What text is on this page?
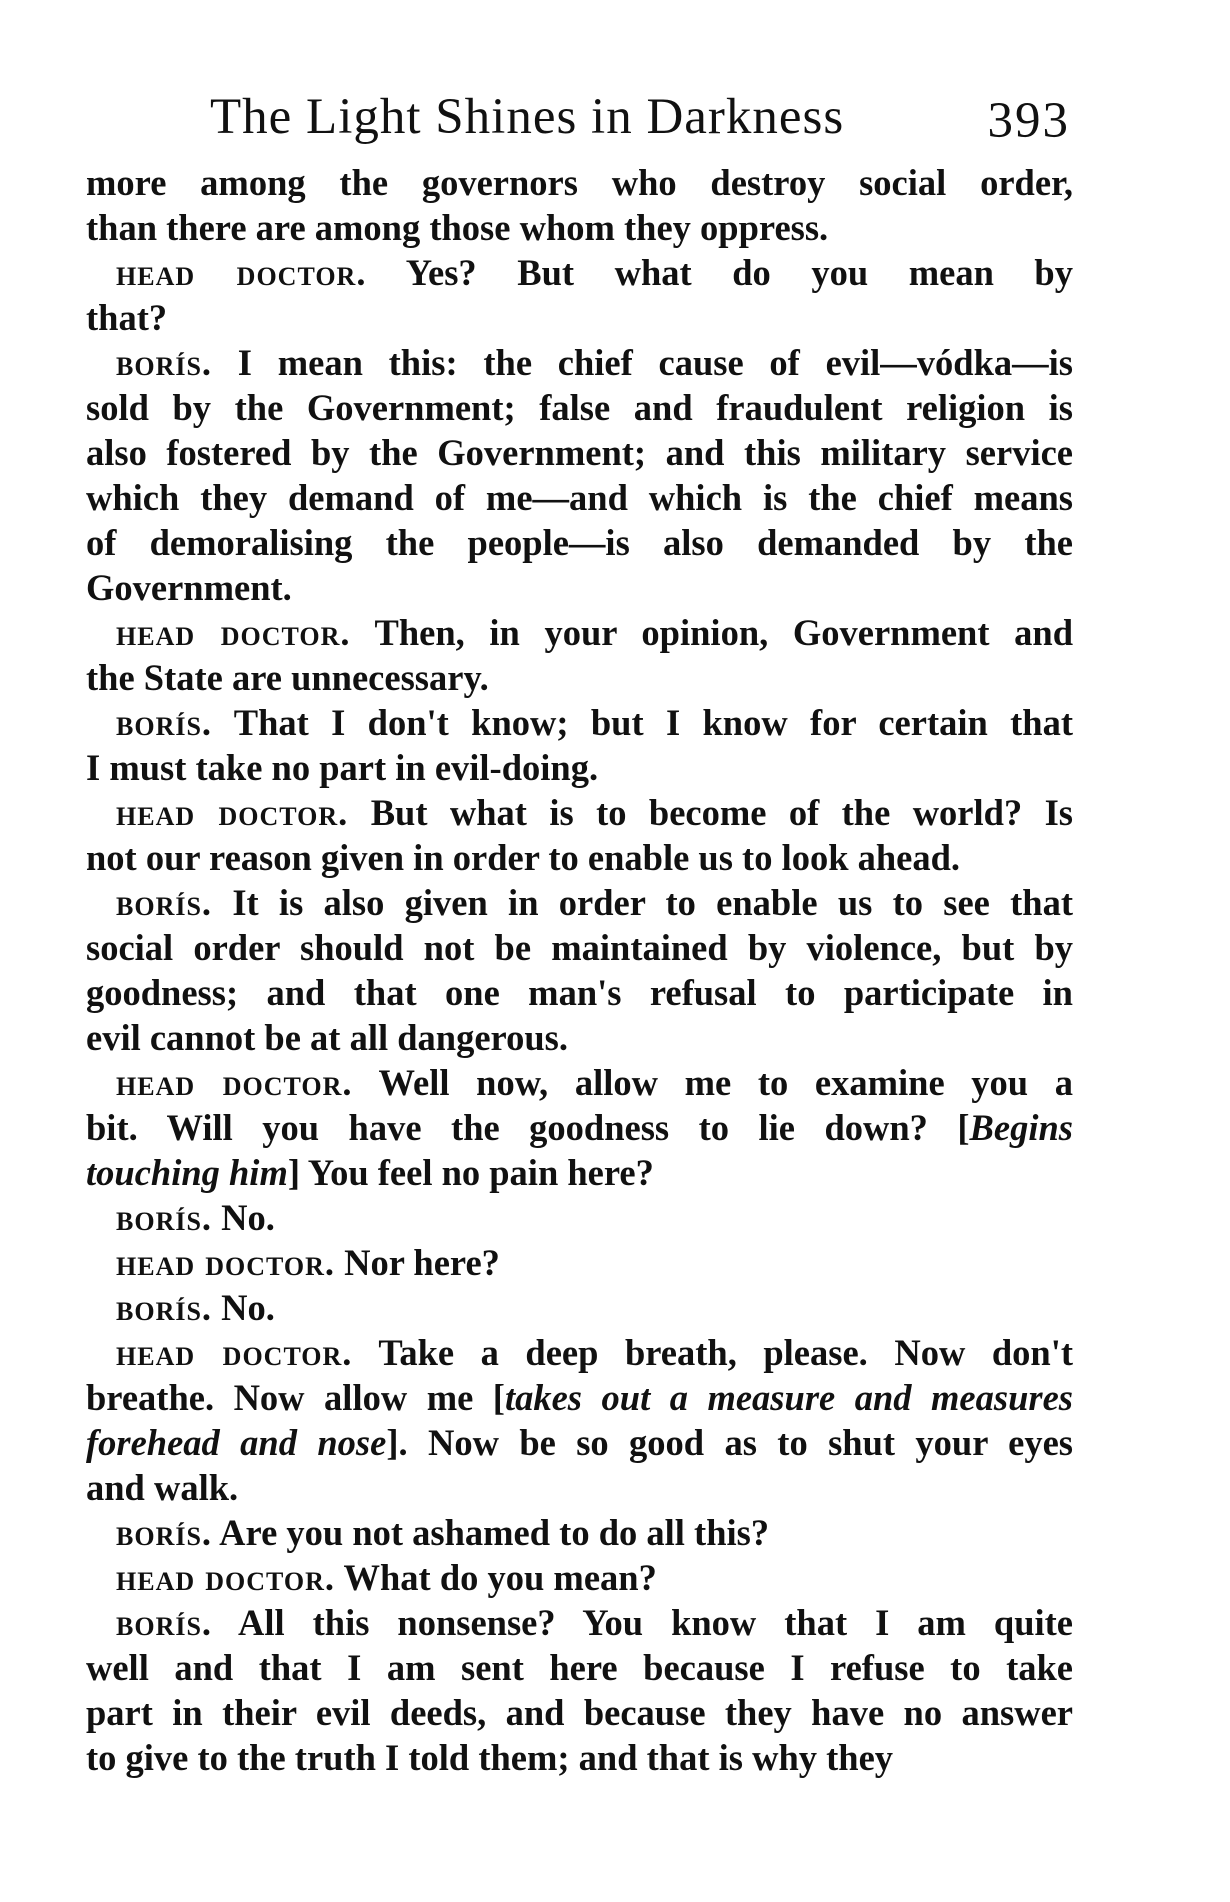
The Light Shines in Darkness	393
more among the governors who destroy social order,
than there are among those whom they oppress.
head doctor. Yes? But what do you mean by
that?
borís. I mean this: the chief cause of evil—vódka—is
sold by the Government; false and fraudulent religion is
also fostered by the Government; and this military service
which they demand of me—and which is the chief means
of demoralising the people—is also demanded by the
Government.
head doctor. Then, in your opinion, Government and
the State are unnecessary.
borís. That I don't know; but I know for certain that
I must take no part in evil-doing.
head doctor. But what is to become of the world? Is
not our reason given in order to enable us to look ahead.
borís. It is also given in order to enable us to see that
social order should not be maintained by violence, but by
goodness; and that one man's refusal to participate in
evil cannot be at all dangerous.
head doctor. Well now, allow me to examine you a
bit. Will you have the goodness to lie down? [Begins
touching him] You feel no pain here?
borís. No.
head doctor. Nor here?
borís. No.
head doctor. Take a deep breath, please. Now don't
breathe. Now allow me [takes out a measure and measures
forehead and nose]. Now be so good as to shut your eyes
and walk.
borís. Are you not ashamed to do all this?
head doctor. What do you mean?
borís. All this nonsense? You know that I am quite
well and that I am sent here because I refuse to take
part in their evil deeds, and because they have no answer
to give to the truth I told them; and that is why they
